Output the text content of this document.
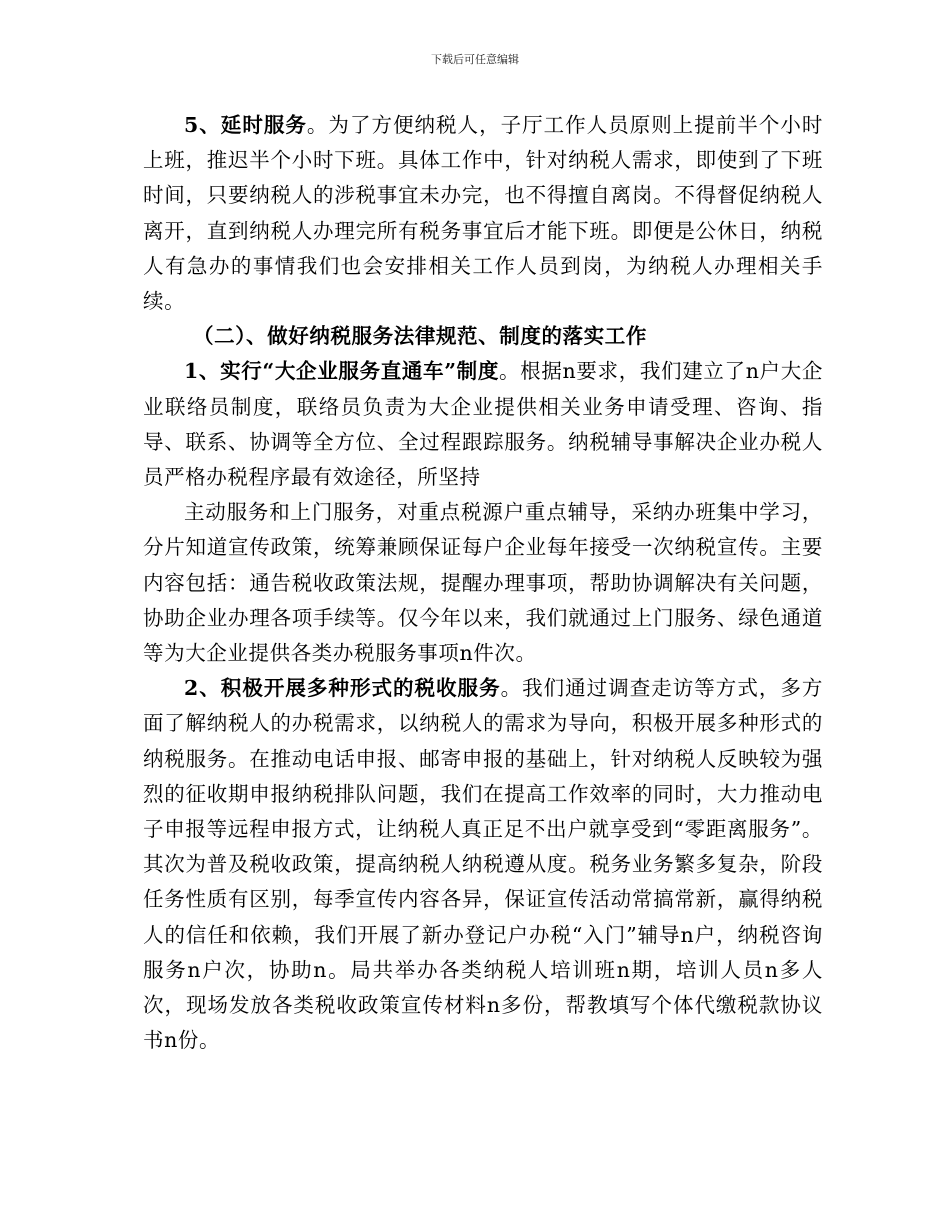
下载后可任意编辑

5、延时服务。为了方便纳税人，子厅工作人员原则上提前半个小时上班，推迟半个小时下班。具体工作中，针对纳税人需求，即使到了下班时间，只要纳税人的涉税事宜未办完，也不得擅自离岗。不得督促纳税人离开，直到纳税人办理完所有税务事宜后才能下班。即便是公休日，纳税人有急办的事情我们也会安排相关工作人员到岗，为纳税人办理相关手续。

（二）、做好纳税服务法律规范、制度的落实工作

1、实行“大企业服务直通车”制度。根据n要求，我们建立了n户大企业联络员制度，联络员负责为大企业提供相关业务申请受理、咨询、指导、联系、协调等全方位、全过程跟踪服务。纳税辅导事解决企业办税人员严格办税程序最有效途径，所坚持

主动服务和上门服务，对重点税源户重点辅导，采纳办班集中学习，分片知道宣传政策，统筹兼顾保证每户企业每年接受一次纳税宣传。主要内容包括：通告税收政策法规，提醒办理事项，帮助协调解决有关问题，协助企业办理各项手续等。仅今年以来，我们就通过上门服务、绿色通道等为大企业提供各类办税服务事项n件次。

2、积极开展多种形式的税收服务。我们通过调查走访等方式，多方面了解纳税人的办税需求，以纳税人的需求为导向，积极开展多种形式的纳税服务。在推动电话申报、邮寄申报的基础上，针对纳税人反映较为强烈的征收期申报纳税排队问题，我们在提高工作效率的同时，大力推动电子申报等远程申报方式，让纳税人真正足不出户就享受到“零距离服务”。其次为普及税收政策，提高纳税人纳税遵从度。税务业务繁多复杂，阶段任务性质有区别，每季宣传内容各异，保证宣传活动常搞常新，赢得纳税人的信任和依赖，我们开展了新办登记户办税“入门”辅导n户，纳税咨询服务n户次，协助n。局共举办各类纳税人培训班n期，培训人员n多人次，现场发放各类税收政策宣传材料n多份，帮教填写个体代缴税款协议书n份。
